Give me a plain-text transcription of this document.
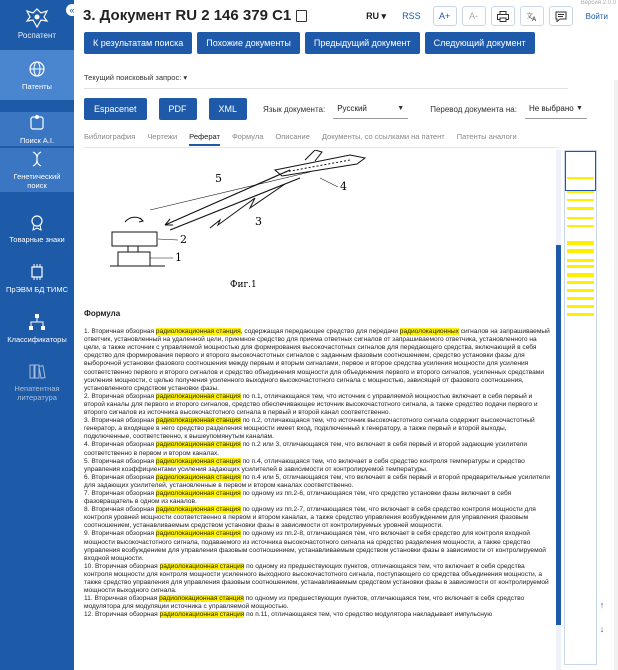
Роспатент
«
Патенты
Поиск A.I.
Генетический поиск
Товарные знаки
ПрЭВМ БД ТИМС
Классификаторы
Непатентная литература
3. Документ RU 2 146 379 C1
Версия 2.0.0
RU ▾ RSS	A+	A-	文 A	Войти
К результатам поиска	Похожие документы	Предыдущий документ	Следующий документ
Текущий поисковый запрос: ▾
Espacenet	PDF	XML	Язык документа: Русский	▼	Перевод документа на: Не выбрано ▼
Библиография Чертежи Реферат Формула Описание Документы, со ссылками на патент Патенты аналоги
5
4
3
2
1
Фиг.1
Формула
1. Вторичная обзорная радиолокационная станция, содержащая передающее средство для передачи радиолокационных сигналов на запрашиваемый ответчик, установленный на удаленной цели, приемное средство для приема ответных сигналов от запрашиваемого ответчика, установленного на цели, а также источник с управляемой мощностью для формирования высокочастотных сигналов для передающего средства, включающий в себя средство для формирования первого и второго высокочастотных сигналов с заданным фазовым соотношением, средство установки фазы для выборочной установки фазового соотношения между первым и вторым сигналами, первое и второе средства усиления мощности для усиления соответственно первого и второго сигналов и средство объединения мощности для объединения первого и второго сигналов, усиленных средствами усиления мощности, с целью получения усиленного выходного высокочастотного сигнала с мощностью, зависящей от фазового соотношения, установленного средством установки фазы.
2. Вторичная обзорная радиолокационная станция по п.1, отличающаяся тем, что источник с управляемой мощностью включает в себя первый и второй каналы для первого и второго сигналов, средство обеспечивающее источник высокочастотного сигнала, а также средство подачи первого и второго сигналов из источника высокочастотного сигнала в первый и второй канал соответственно.
3. Вторичная обзорная радиолокационная станция по п.2, отличающаяся тем, что источник высокочастотного сигнала содержит высокочастотный генератор, а входящее в него средство разделения мощности имеет вход, подключенный к генератору, а также первый и второй выходы, подключенные, соответственно, к вышеупомянутым каналам.
4. Вторичная обзорная радиолокационная станция по п.2 или 3, отличающаяся тем, что включает в себя первый и второй задающие усилители соответственно в первом и втором каналах.
5. Вторичная обзорная радиолокационная станция по п.4, отличающаяся тем, что включает в себя средство контроля температуры и средство управления коэффициентами усиления задающих усилителей в зависимости от контролируемой температуры.
6. Вторичная обзорная радиолокационная станция по п.4 или 5, отличающаяся тем, что включает в себя первый и второй предварительные усилители для задающих усилителей, установленные в первом и втором каналах соответственно.
7. Вторичная обзорная радиолокационная станция по одному из пп.2-6, отличающаяся тем, что средство установки фазы включает в себя фазовращатель в одном из каналов.
8. Вторичная обзорная радиолокационная станция по одному из пп.2-7, отличающаяся тем, что включает в себя средство контроля мощности для контроля уровней мощности соответственно в первом и втором каналах, а также средство управления возбуждением для управления фазовым соотношением, устанавливаемым средством установки фазы в зависимости от контролируемых уровней мощности.
9. Вторичная обзорная радиолокационная станция по одному из пп.2-8, отличающаяся тем, что включает в себя средство для контроля входной мощности высокочастотного сигнала, подаваемого из источника высокочастотного сигнала на средство разделения мощности, а также средство управления возбуждением для управления фазовым соотношением, устанавливаемым средством установки фазы в зависимости от контролируемой входной мощности.
10. Вторичная обзорная радиолокационная станция по одному из предшествующих пунктов, отличающаяся тем, что включает в себя средства контроля мощности для контроля мощности усиленного выходного высокочастотного сигнала, поступающего со средства объединения мощности, а также средство управления для управления фазовым соотношением, устанавливаемым средством установки фазы в зависимости от контролируемой мощности выходного сигнала.
11. Вторичная обзорная радиолокационная станция по одному из предшествующих пунктов, отличающаяся тем, что включает в себя средство модулятора для модуляции источника с управляемой мощностью.
12. Вторичная обзорная радиолокационная станция по п.11, отличающаяся тем, что средство модулятора накладывает импульсную
↑
↓
